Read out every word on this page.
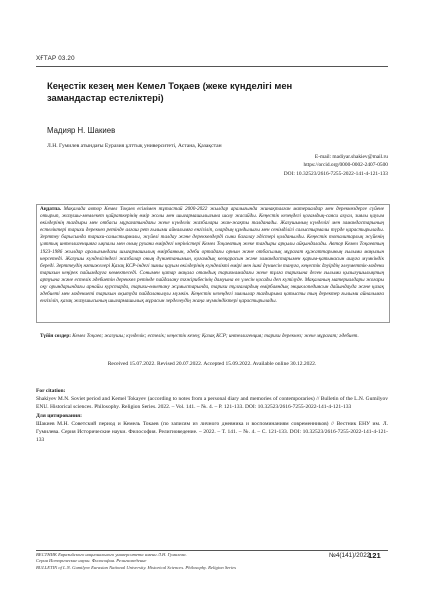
ХҒТАР 03.20
Кеңестік кезең мен Кемел Тоқаев (жеке күнделігі мен замандастар естеліктері)
Мадияр Н. Шакиев
Л.Н. Гумилев атындағы Еуразия ұлттық университеті, Астана, Қазақстан
E-mail: madiyar.shakiev@mail.ru
https://orcid.org/0000-0002-2407-0500
DOI: 10.32523/2616-7255-2022-141-4-121-133
Аңдатпа. Мақалада автор Кемел Тоқаев есімімен тұтастай 2000-2022 жылдар аралығында жинақталған материалдар мен дереккөздерге сүйене отырып, жазушы-мемлекет қайраткерінің өмір жолы мен шығармашылығына шолу жасайды. Кеңестік кезеңдегі қоғамдық-саяси ахуал, зиялы қауым өкілдерінің тағдыры мен отбасы мұрағатындағы жеке күнделік жазбалары жан-жақты талданады. Жазушының күнделігі мен замандастарының естеліктері тарихи дереккөз ретінде алғаш рет ғылыми айналымға енгізіліп, олардың құндылығы мен сенімділігі салыстырмалы түрде қарастырылады. Зерттеу барысында тарихи-салыстырмалы, жүйелі талдау және дереккөздерді сыни бағалау әдістері қолданылды. Кеңестік тоталитарлық жүйенің ұлттық интеллигенцияға ықпалы мен оның рухани өмірдегі көріністері Кемел Тоқаевтың жеке тағдыры арқылы айқындалады. Автор Кемел Тоқаевтың 1923-1986 жылдар аралығындағы шығармашылық өмірбаянын, әдеби ортадағы орнын және отбасылық мұрағат құжаттарының ғылыми маңызын көрсетеді. Жазушы күнделігіндегі жазбалар оның дүниетанымын, қоғамдық көзқарасын және замандастарымен қарым-қатынасын ашуға мүмкіндік береді. Зерттеудің нәтижелері Қазақ КСР-індегі зиялы қауым өкілдерінің күнделікті өмірі мен ішкі дүниесін тануға, кеңестік дәуірдің әлеуметтік-мәдени тарихын кеңірек пайымдауға көмектеседі. Сонымен қатар мақала отандық тарихнамадағы жеке тұлға тарихына деген ғылыми қызығушылықтың артуына және естелік әдебиетін дереккөз ретінде пайдалану тәжірибесінің дамуына өз үлесін қосады деп күтілуде. Мақаланың материалдары жоғары оқу орындарындағы арнайы курстарда, тарихи-өлкетану жұмыстарында, тарихи тұлғалардың өмірбаяндық энциклопедиясын дайындауда және қазақ әдебиеті мен мәдениеті тарихын оқытуда пайдаланылуы мүмкін. Кеңестік кезеңдегі зиялылар тағдырына қатысты тың деректер ғылыми айналымға енгізіліп, қазақ жазушысының шығармашылық мұрасын зерделеудің жаңа мүмкіндіктері қарастырылады.
Түйін сөздер: Кемел Тоқаев; жазушы; күнделік; естелік; кеңестік кезең; Қазақ КСР; интеллигенция; тарихи дереккөз; жеке мұрағат; әдебиет.
Received 15.07.2022. Revised 20.07.2022. Accepted 15.09.2022. Available online 30.12.2022.

For citation:

Shakiyev M.N. Soviet period and Kemel Tokayev (according to notes from a personal diary and memories of contemporaries) // Bulletin of the L.N. Gumilyov ENU. Historical sciences. Philosophy. Religion Series. 2022. – Vol. 141. – №. 4. – P. 121-133. DOI: 10.32523/2616-7255-2022-141-4-121-133

Для цитирования:

Шакиев М.Н. Советский период и Кемель Токаев (по записям из личного дневника и воспоминаниям современников) // Вестник ЕНУ им. Л. Гумилева. Серия Исторические науки. Философия. Религиоведение. – 2022. – Т. 141. – №. 4. – С. 121-133. DOI: 10.32523/2616-7255-2022-141-4-121-133

ВЕСТНИК Евразийского национального университета имени Л.Н. Гумилева.
Серия Исторические науки. Философия. Религиоведение
BULLETIN of L.N. Gumilyov Eurasian National University. Historical Sciences. Philosophy. Religion Series
№4(141)/2022
121
